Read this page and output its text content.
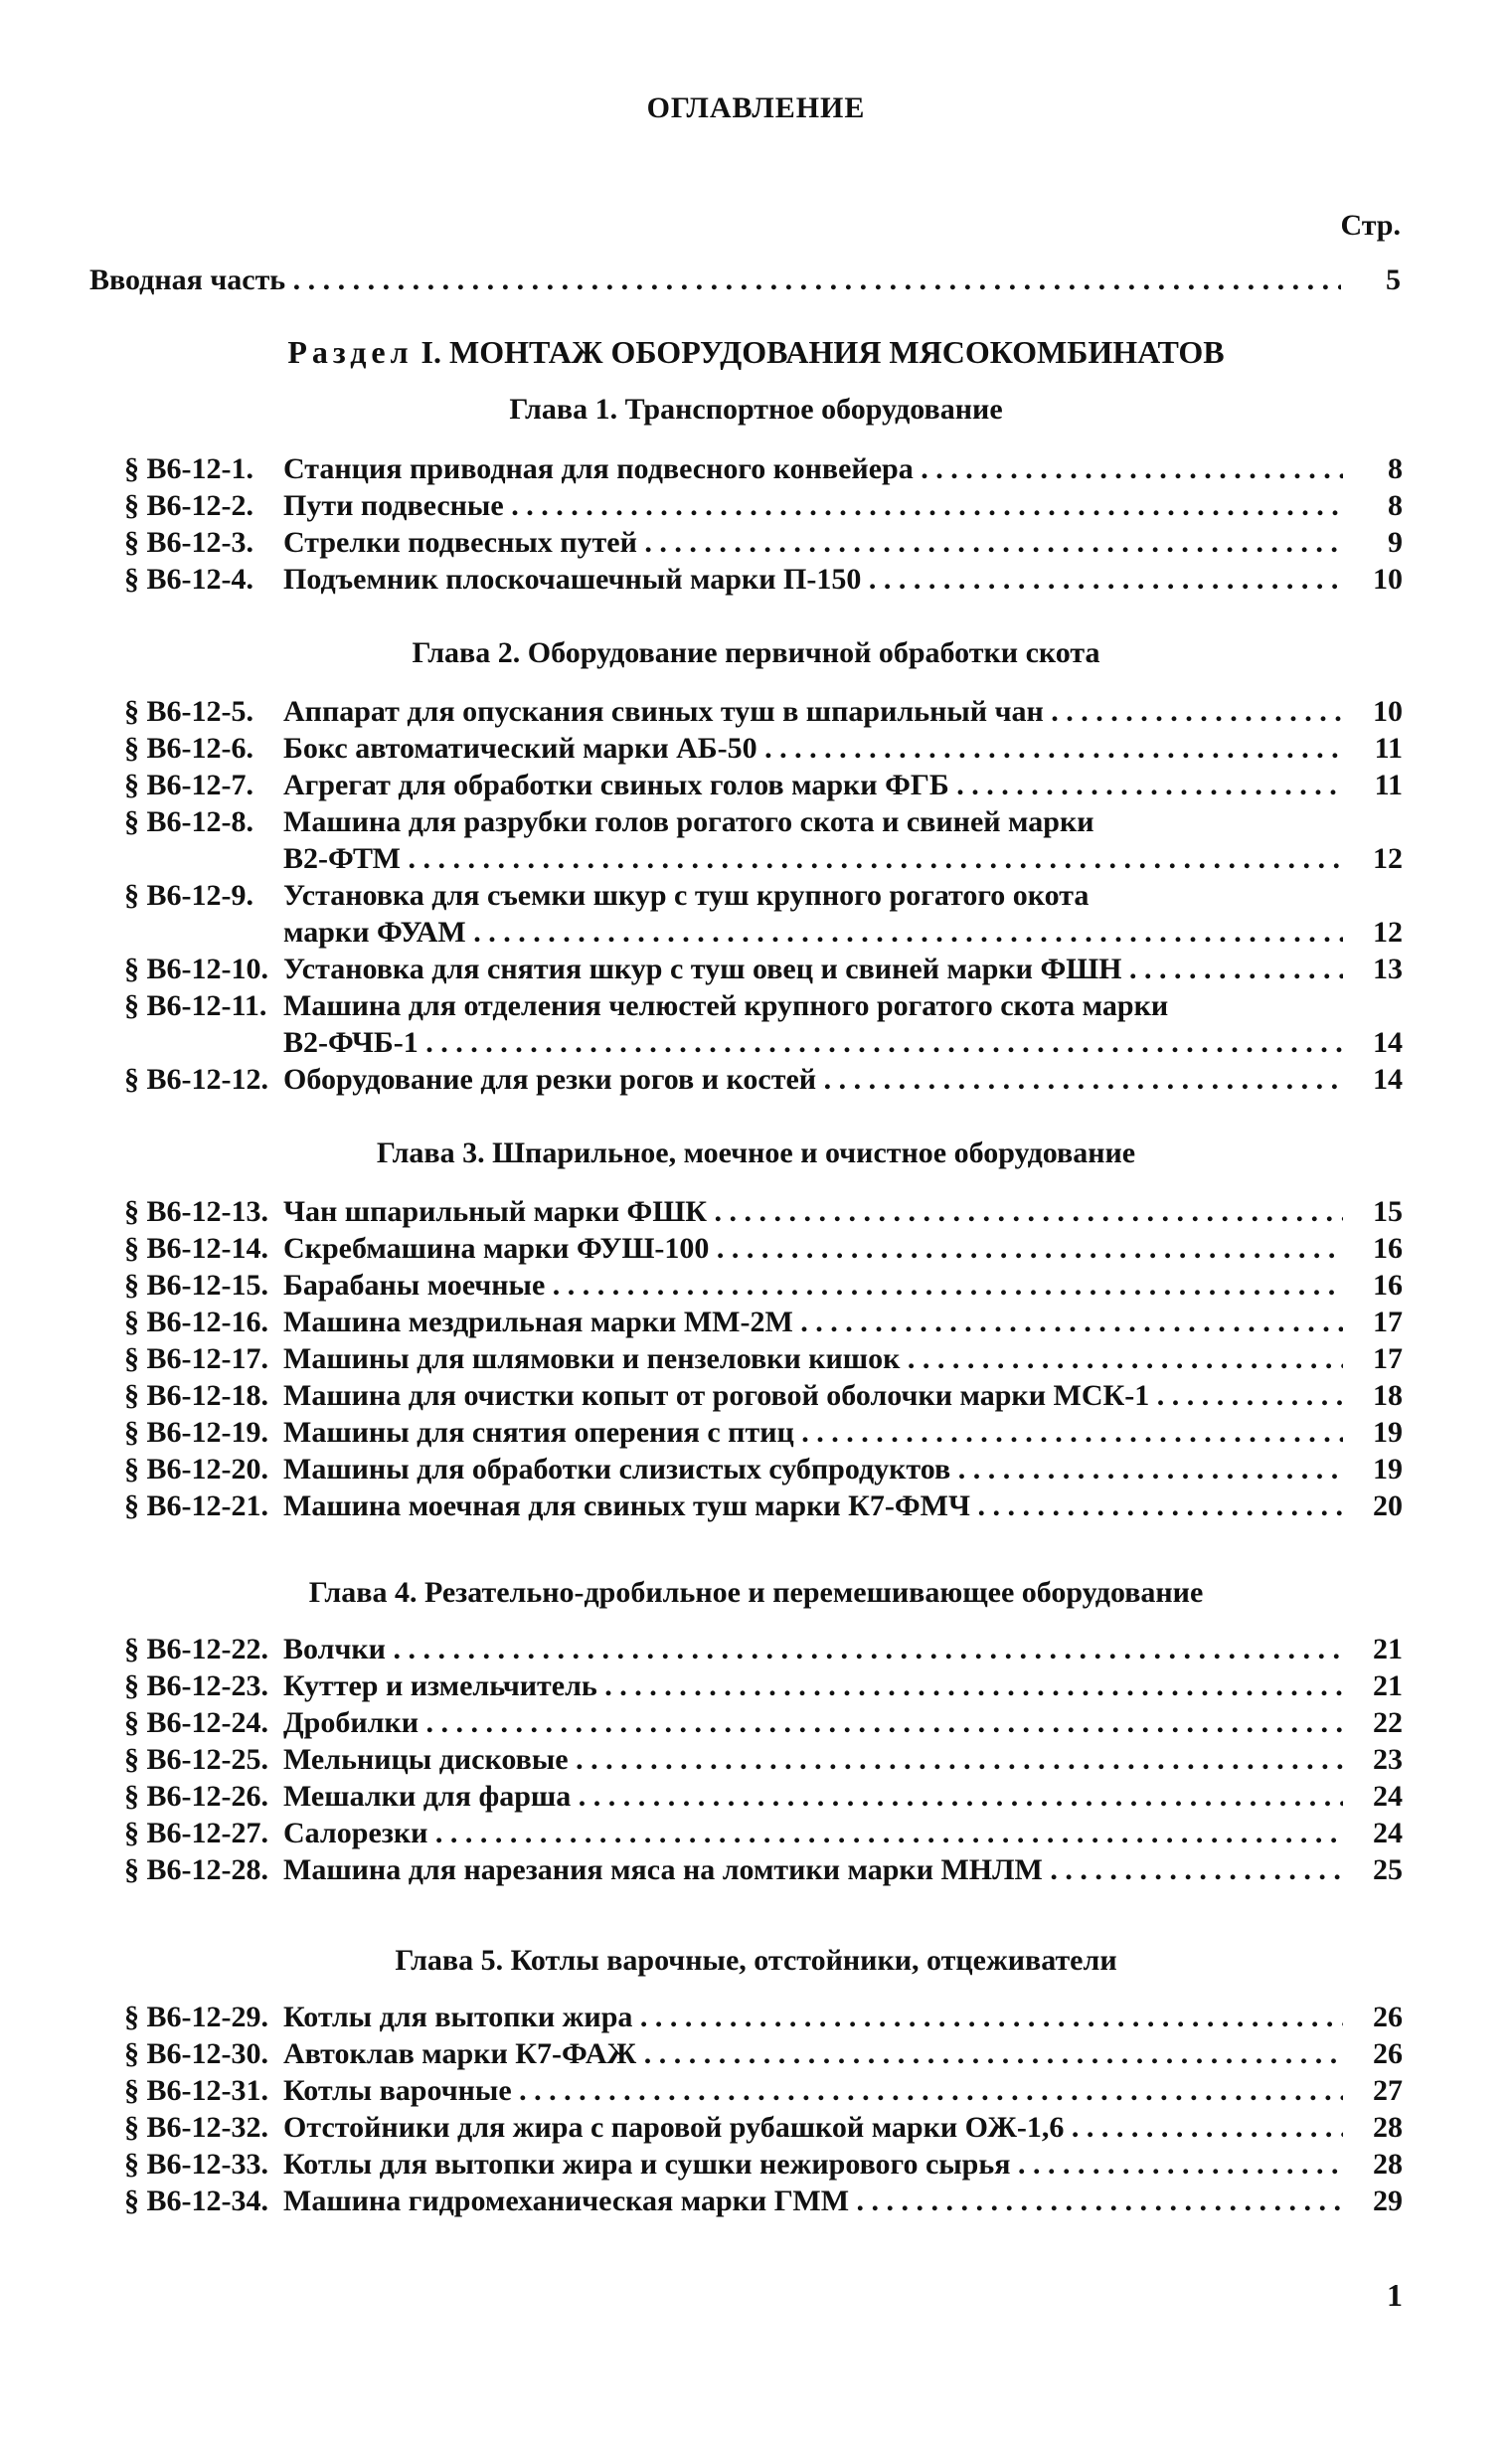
ОГЛАВЛЕНИЕ
Стр.
Вводная часть . . .	5
Раздел I. МОНТАЖ ОБОРУДОВАНИЯ МЯСОКОМБИНАТОВ
Глава 1. Транспортное оборудование
§ В6-12-1. Станция приводная для подвесного конвейера . . .	8
§ В6-12-2. Пути подвесные . . .	8
§ В6-12-3. Стрелки подвесных путей . . .	9
§ В6-12-4. Подъемник плоскочашечный марки П-150 . . .	10
Глава 2. Оборудование первичной обработки скота
§ В6-12-5. Аппарат для опускания свиных туш в шпарильный чан . . .	10
§ В6-12-6. Бокс автоматический марки АБ-50 . . .	11
§ В6-12-7. Агрегат для обработки свиных голов марки ФГБ . . .	11
§ В6-12-8. Машина для разрубки голов рогатого скота и свиней марки
В2-ФТМ . . .	12
§ В6-12-9. Установка для съемки шкур с туш крупного рогатого окота
марки ФУАМ . . .	12
§ В6-12-10. Установка для снятия шкур с туш овец и свиней марки ФШН . . .	13
§ В6-12-11. Машина для отделения челюстей крупного рогатого скота марки
В2-ФЧБ-1 . . .	14
§ В6-12-12. Оборудование для резки рогов и костей . . .	14
Глава 3. Шпарильное, моечное и очистное оборудование
§ В6-12-13. Чан шпарильный марки ФШК . . .	15
§ В6-12-14. Скребмашина марки ФУШ-100 . . .	16
§ В6-12-15. Барабаны моечные . . .	16
§ В6-12-16. Машина мездрильная марки ММ-2М . . .	17
§ В6-12-17. Машины для шлямовки и пензеловки кишок . . .	17
§ В6-12-18. Машина для очистки копыт от роговой оболочки марки МСК-1 . . .	18
§ В6-12-19. Машины для снятия оперения с птиц . . .	19
§ В6-12-20. Машины для обработки слизистых субпродуктов . . .	19
§ В6-12-21. Машина моечная для свиных туш марки К7-ФМЧ . . .	20
Глава 4. Резательно-дробильное и перемешивающее оборудование
§ В6-12-22. Волчки . . .	21
§ В6-12-23. Куттер и измельчитель . . .	21
§ В6-12-24. Дробилки . . .	22
§ В6-12-25. Мельницы дисковые . . .	23
§ В6-12-26. Мешалки для фарша . . .	24
§ В6-12-27. Салорезки . . .	24
§ В6-12-28. Машина для нарезания мяса на ломтики марки МНЛМ . . .	25
Глава 5. Котлы варочные, отстойники, отцеживатели
§ В6-12-29. Котлы для вытопки жира . . .	26
§ В6-12-30. Автоклав марки К7-ФАЖ . . .	26
§ В6-12-31. Котлы варочные . . .	27
§ В6-12-32. Отстойники для жира с паровой рубашкой марки ОЖ-1,6 . . .	28
§ В6-12-33. Котлы для вытопки жира и сушки нежирового сырья . . .	28
§ В6-12-34. Машина гидромеханическая марки ГММ . . .	29
1
